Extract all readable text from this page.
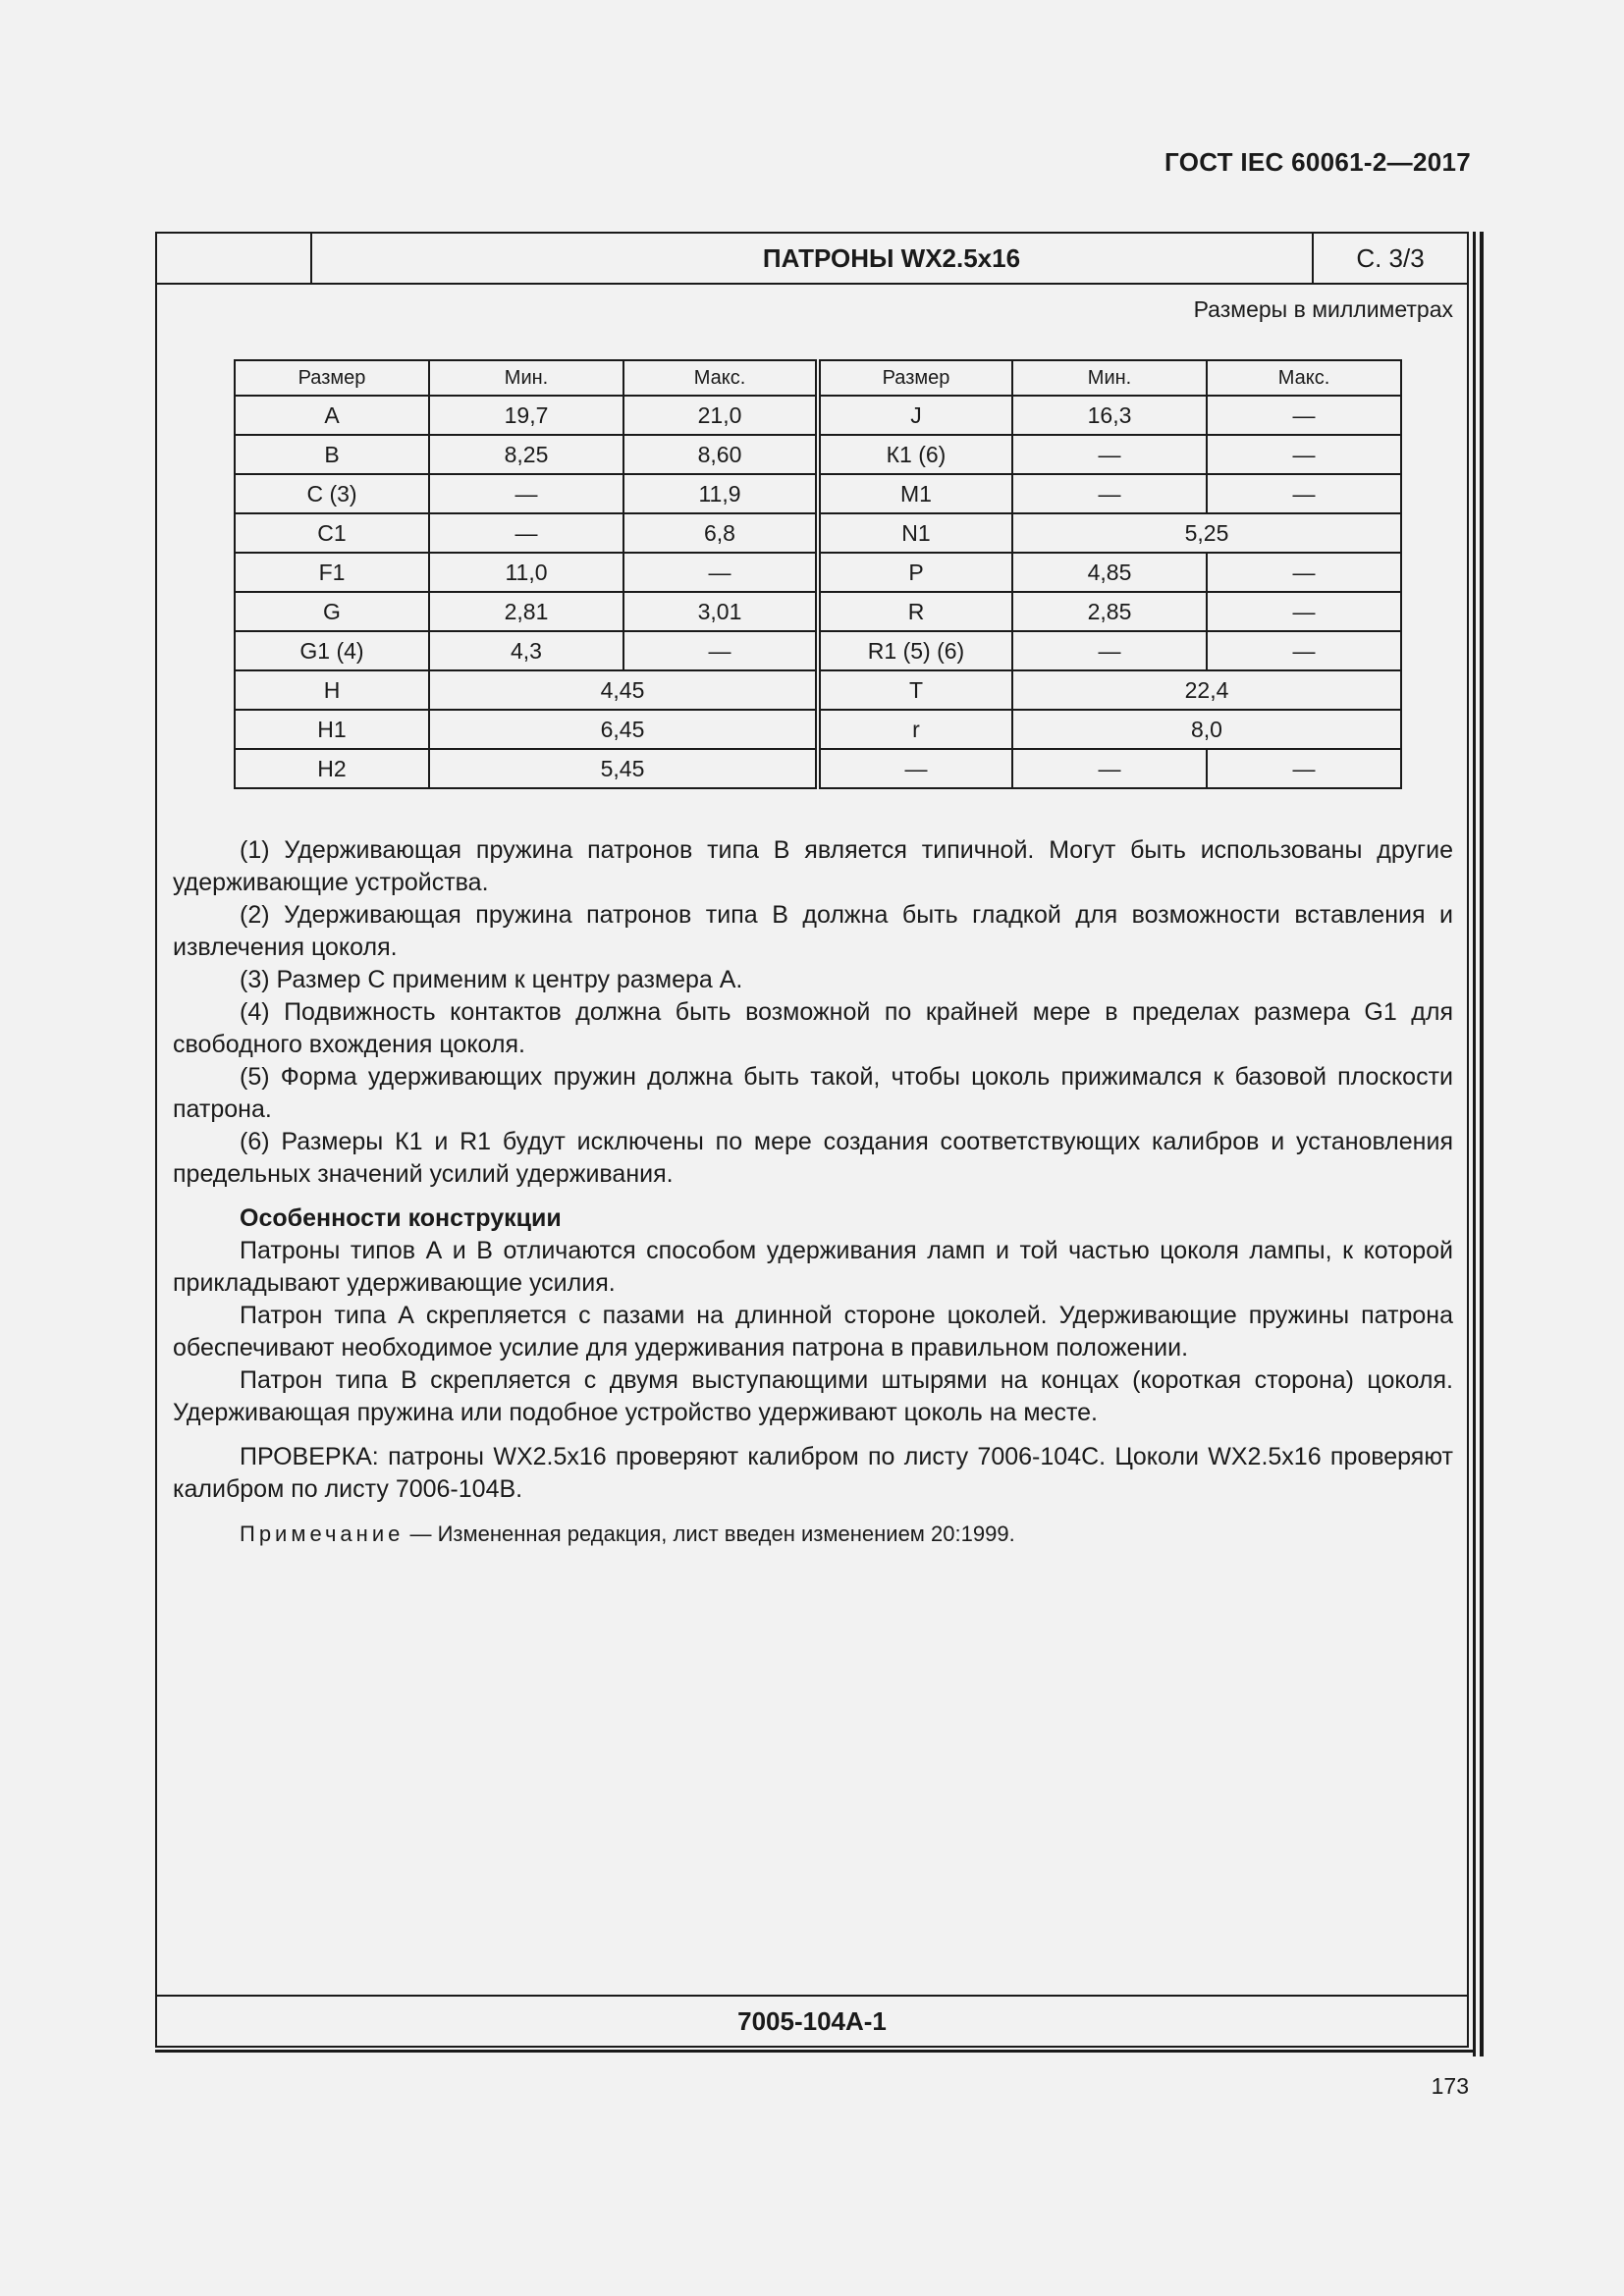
ГОСТ IEC 60061-2—2017
ПАТРОНЫ WX2.5x16	С. 3/3
Размеры в миллиметрах
Размер	Мин.	Макс.	Размер	Мин.	Макс.
А	19,7	21,0	J	16,3	—
В	8,25	8,60	К1 (6)	—	—
С (3)	—	11,9	М1	—	—
С1	—	6,8	N1	5,25	
F1	11,0	—	Р	4,85	—
G	2,81	3,01	R	2,85	—
G1 (4)	4,3	—	R1 (5) (6)	—	—
Н	4,45		Т	22,4	
Н1	6,45		r	8,0	
Н2	5,45		—	—	—

(1) Удерживающая пружина патронов типа В является типичной. Могут быть использованы другие удерживающие устройства.

(2) Удерживающая пружина патронов типа В должна быть гладкой для возможности вставления и извлечения цоколя.

(3) Размер С применим к центру размера А.

(4) Подвижность контактов должна быть возможной по крайней мере в пределах размера G1 для свободного вхождения цоколя.

(5) Форма удерживающих пружин должна быть такой, чтобы цоколь прижимался к базовой плоскости патрона.

(6) Размеры К1 и R1 будут исключены по мере создания соответствующих калибров и установления предельных значений усилий удерживания.

Особенности конструкции

Патроны типов А и В отличаются способом удерживания ламп и той частью цоколя лампы, к которой прикладывают удерживающие усилия.

Патрон типа А скрепляется с пазами на длинной стороне цоколей. Удерживающие пружины патрона обеспечивают необходимое усилие для удерживания патрона в правильном положении.

Патрон типа В скрепляется с двумя выступающими штырями на концах (короткая сторона) цоколя. Удерживающая пружина или подобное устройство удерживают цоколь на месте.

ПРОВЕРКА: патроны WX2.5x16 проверяют калибром по листу 7006-104С. Цоколи WX2.5x16 проверяют калибром по листу 7006-104В.

Примечание — Измененная редакция, лист введен изменением 20:1999.

7005-104А-1
173
